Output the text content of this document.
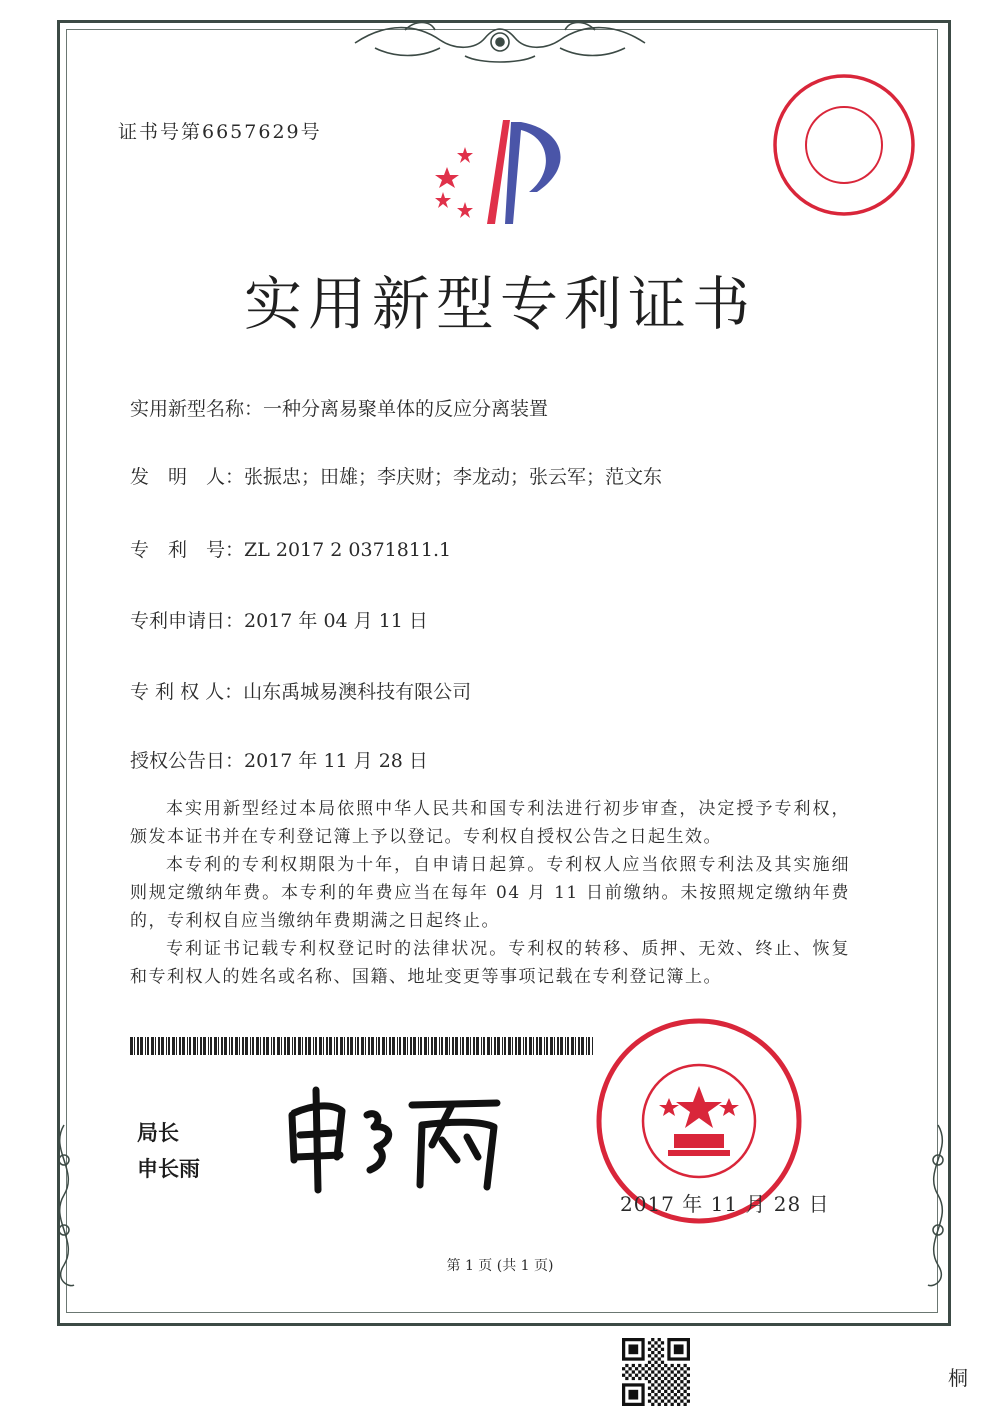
证书号第6657629号
实用新型专利证书
实用新型名称：一种分离易聚单体的反应分离装置
发　明　人：张振忠；田雄；李庆财；李龙动；张云军；范文东
专　利　号：ZL 2017 2 0371811.1
专利申请日：2017 年 04 月 11 日
专 利 权 人：山东禹城易澳科技有限公司
授权公告日：2017 年 11 月 28 日
本实用新型经过本局依照中华人民共和国专利法进行初步审查，决定授予专利权，颁发本证书并在专利登记簿上予以登记。专利权自授权公告之日起生效。
本专利的专利权期限为十年，自申请日起算。专利权人应当依照专利法及其实施细则规定缴纳年费。本专利的年费应当在每年 04 月 11 日前缴纳。未按照规定缴纳年费的，专利权自应当缴纳年费期满之日起终止。
专利证书记载专利权登记时的法律状况。专利权的转移、质押、无效、终止、恢复和专利权人的姓名或名称、国籍、地址变更等事项记载在专利登记簿上。
局长
申长雨
2017 年 11 月 28 日
第 1 页 (共 1 页)
桐
